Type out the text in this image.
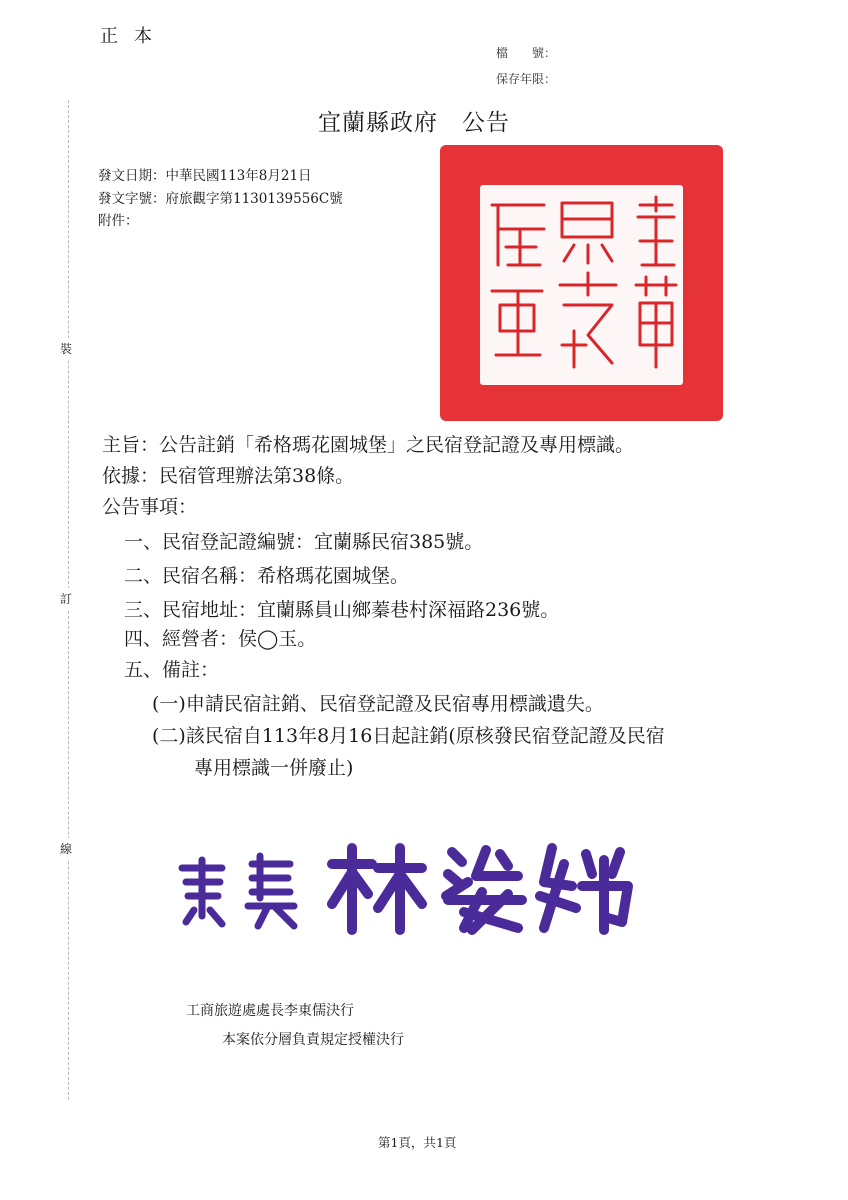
正本
檔　　號：
保存年限：
裝
訂
線
宜蘭縣政府　公告
發文日期：中華民國113年8月21日
發文字號：府旅觀字第1130139556C號
附件：
主旨：公告註銷「希格瑪花園城堡」之民宿登記證及專用標識。
依據：民宿管理辦法第38條。
公告事項：
一、民宿登記證編號：宜蘭縣民宿385號。
二、民宿名稱：希格瑪花園城堡。
三、民宿地址：宜蘭縣員山鄉蓁巷村深福路236號。
四、經營者：侯◯玉。
五、備註：
(一)申請民宿註銷、民宿登記證及民宿專用標識遺失。
(二)該民宿自113年8月16日起註銷(原核發民宿登記證及民宿
專用標識一併廢止)
工商旅遊處處長李東儒決行
本案依分層負責規定授權決行
第1頁，共1頁
